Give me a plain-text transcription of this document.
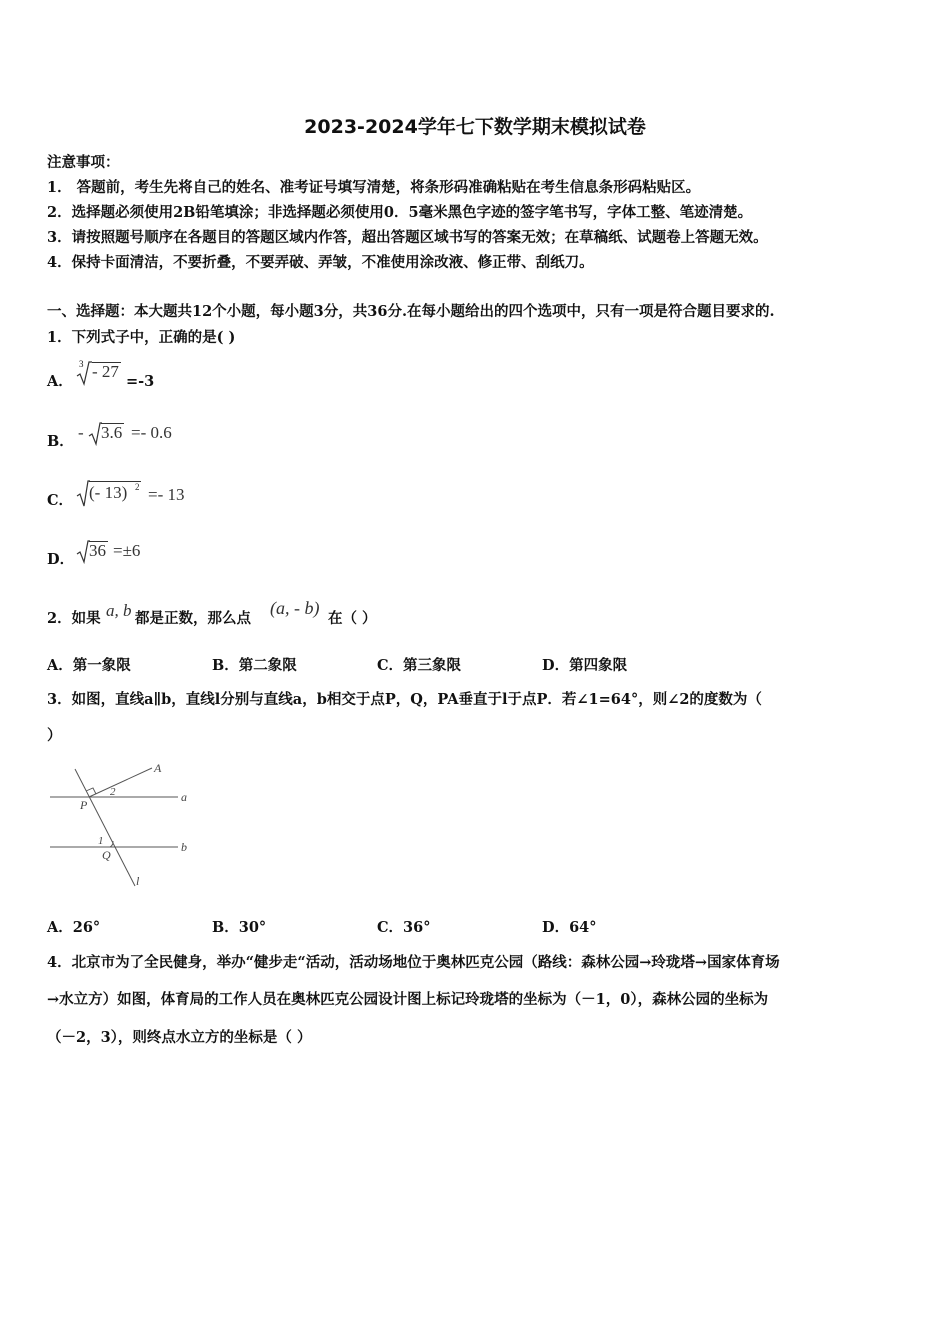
2023-2024学年七下数学期末模拟试卷
注意事项：
1． 答题前，考生先将自己的姓名、准考证号填写清楚，将条形码准确粘贴在考生信息条形码粘贴区。
2．选择题必须使用2B铅笔填涂；非选择题必须使用0．5毫米黑色字迹的签字笔书写，字体工整、笔迹清楚。
3．请按照题号顺序在各题目的答题区域内作答，超出答题区域书写的答案无效；在草稿纸、试题卷上答题无效。
4．保持卡面清洁，不要折叠，不要弄破、弄皱，不准使用涂改液、修正带、刮纸刀。
一、选择题：本大题共12个小题，每小题3分，共36分.在每小题给出的四个选项中，只有一项是符合题目要求的.
1．下列式子中，正确的是( )
A．
3 - 27
=-3
B． - 3.6 =- 0.6
C． (- 13) 2 =- 13
D． 36 =±6
2．如果 a, b 都是正数，那么点
(a, - b)
在（ ）
A．第一象限	B．第二象限	C．第三象限	D．第四象限
3．如图，直线a∥b，直线l分别与直线a，b相交于点P，Q，PA垂直于l于点P．若∠1=64°，则∠2的度数为（
）
A
2
P
a
1
Q
b
l
A．26°	B．30°	C．36°	D．64°
4．北京市为了全民健身，举办“健步走“活动，活动场地位于奥林匹克公园（路线：森林公园→玲珑塔→国家体育场
→水立方）如图，体育局的工作人员在奥林匹克公园设计图上标记玲珑塔的坐标为（－1，0），森林公园的坐标为
（－2，3），则终点水立方的坐标是（ ）
